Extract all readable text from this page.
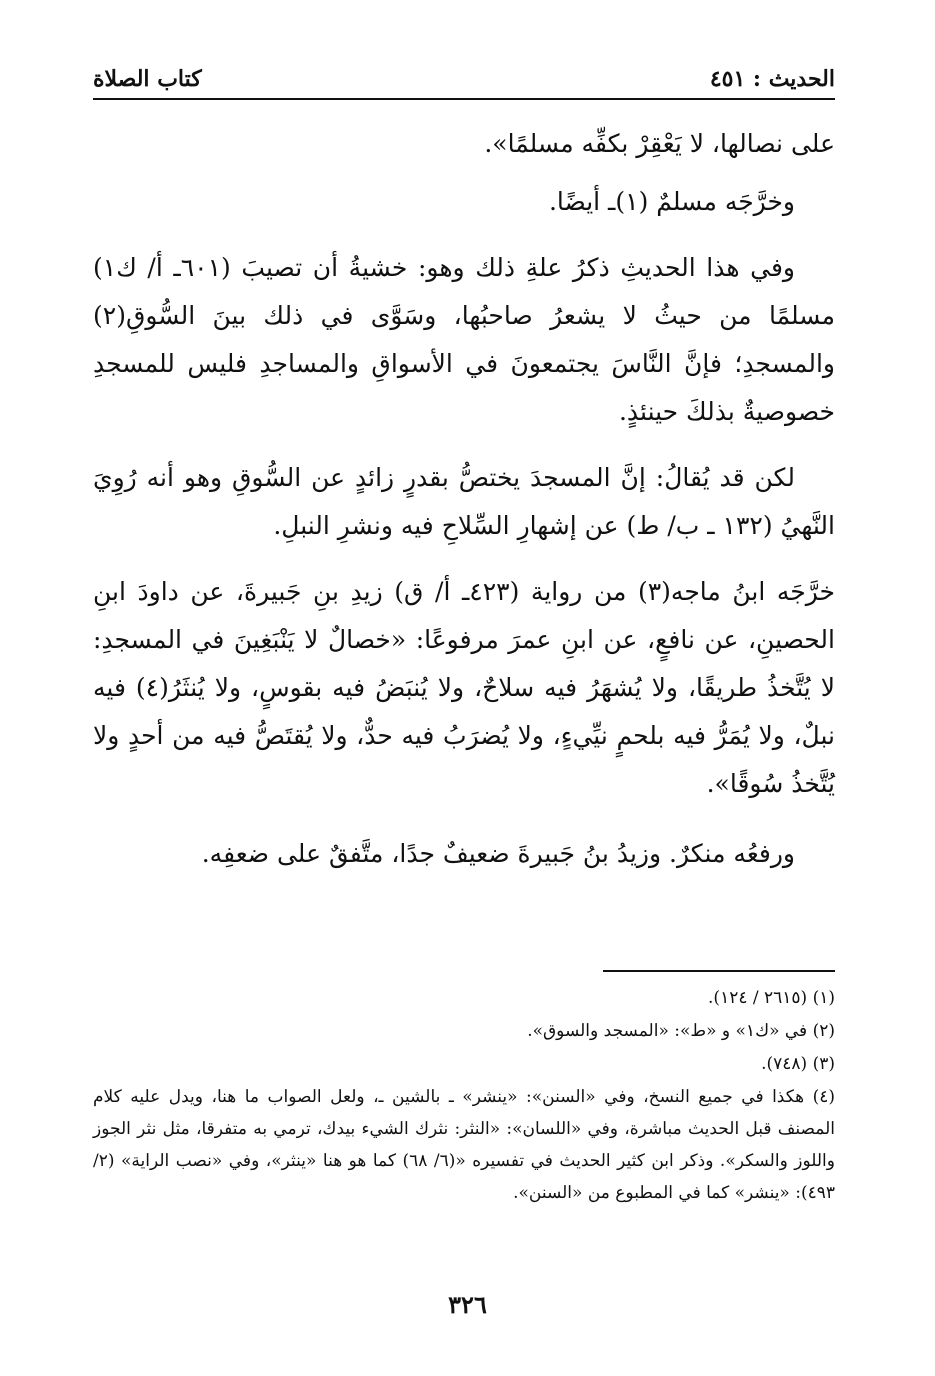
الحديث : ٤٥١
كتاب الصلاة

على نصالها، لا يَعْقِرْ بكفِّه مسلمًا».

وخرَّجَه مسلمٌ (١)ـ أيضًا.

وفي هذا الحديثِ ذكرُ علةِ ذلك وهو: خشيةُ أن تصيبَ (٦٠١ـ أ/ ك١) مسلمًا من حيثُ لا يشعرُ صاحبُها، وسَوَّى في ذلك بينَ السُّوقِ(٢) والمسجدِ؛ فإنَّ النَّاسَ يجتمعونَ في الأسواقِ والمساجدِ فليس للمسجدِ خصوصيةٌ بذلكَ حينئذٍ.

لكن قد يُقالُ: إنَّ المسجدَ يختصُّ بقدرٍ زائدٍ عن السُّوقِ وهو أنه رُوِيَ النَّهيُ (١٣٢ ـ ب/ ط) عن إشهارِ السِّلاحِ فيه ونشرِ النبلِ.

خرَّجَه ابنُ ماجه(٣) من رواية (٤٢٣ـ أ/ ق) زيدِ بنِ جَبيرةَ، عن داودَ ابنِ الحصينِ، عن نافعٍ، عن ابنِ عمرَ مرفوعًا: «خصالٌ لا يَنْبَغِينَ في المسجدِ: لا يُتَّخذُ طريقًا، ولا يُشهَرُ فيه سلاحٌ، ولا يُنبَضُ فيه بقوسٍ، ولا يُنثَرُ(٤) فيه نبلٌ، ولا يُمَرُّ فيه بلحمٍ نيِّيءٍ، ولا يُضرَبُ فيه حدٌّ، ولا يُقتَصُّ فيه من أحدٍ ولا يُتَّخذُ سُوقًا».

ورفعُه منكرٌ. وزيدُ بنُ جَبيرةَ ضعيفٌ جدًا، متَّفقٌ على ضعفِه.

(١) (٢٦١٥ / ١٢٤).

(٢) في «ك١» و «ط»: «المسجد والسوق».

(٣) (٧٤٨).

(٤) هكذا في جميع النسخ، وفي «السنن»: «ينشر» ـ بالشين ـ، ولعل الصواب ما هنا، ويدل عليه كلام المصنف قبل الحديث مباشرة، وفي «اللسان»: «النثر: نثرك الشيء بيدك، ترمي به متفرقا، مثل نثر الجوز واللوز والسكر». وذكر ابن كثير الحديث في تفسيره «(٦/ ٦٨) كما هو هنا «ينثر»، وفي «نصب الراية» (٢/ ٤٩٣): «ينشر» كما في المطبوع من «السنن».

٣٢٦
